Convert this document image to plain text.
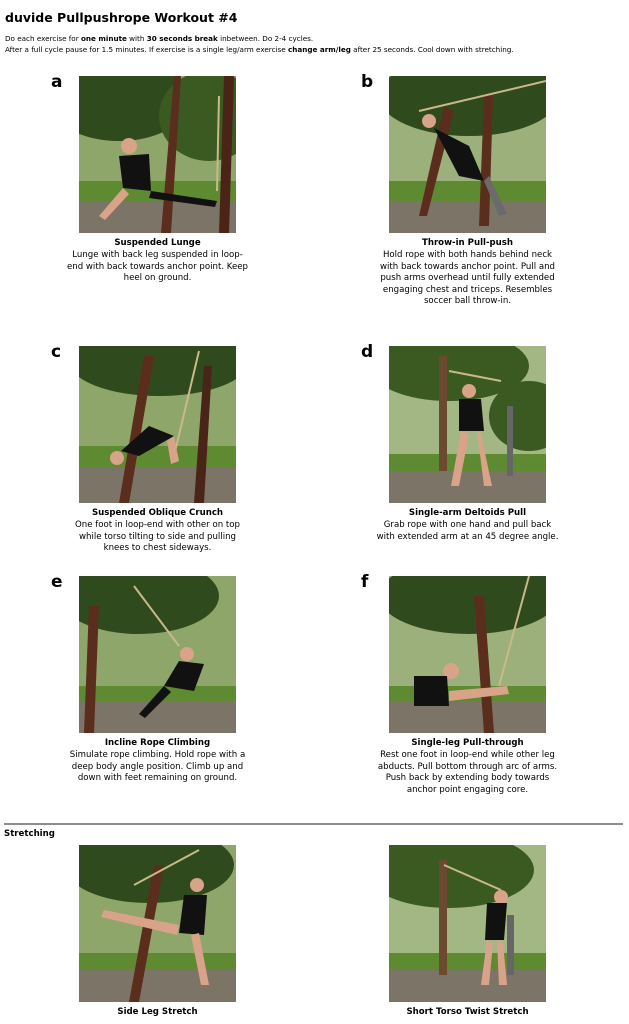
duvide Pullpushrope Workout #4
Do each exercise for one minute with 30 seconds break inbetween. Do 2-4 cycles.
After a full cycle pause for 1.5 minutes. If exercise is a single leg/arm exercise change arm/leg after 25 seconds. Cool down with stretching.
a
Suspended Lunge
Lunge with back leg suspended in loop-end with back towards anchor point. Keep heel on ground.
b
Throw-in Pull-push
Hold rope with both hands behind neck with back towards anchor point. Pull and push arms overhead until fully extended engaging chest and triceps. Resembles soccer ball throw-in.
c
Suspended Oblique Crunch
One foot in loop-end with other on top while torso tilting to side and pulling knees to chest sideways.
d
Single-arm Deltoids Pull
Grab rope with one hand and pull back with extended arm at an 45 degree angle.
e
Incline Rope Climbing
Simulate rope climbing. Hold rope with a deep body angle position. Climb up and down with feet remaining on ground.
f
Single-leg Pull-through
Rest one foot in loop-end while other leg abducts. Pull bottom through arc of arms. Push back by extending body towards anchor point engaging core.
Stretching
Side Leg Stretch	Short Torso Twist Stretch
